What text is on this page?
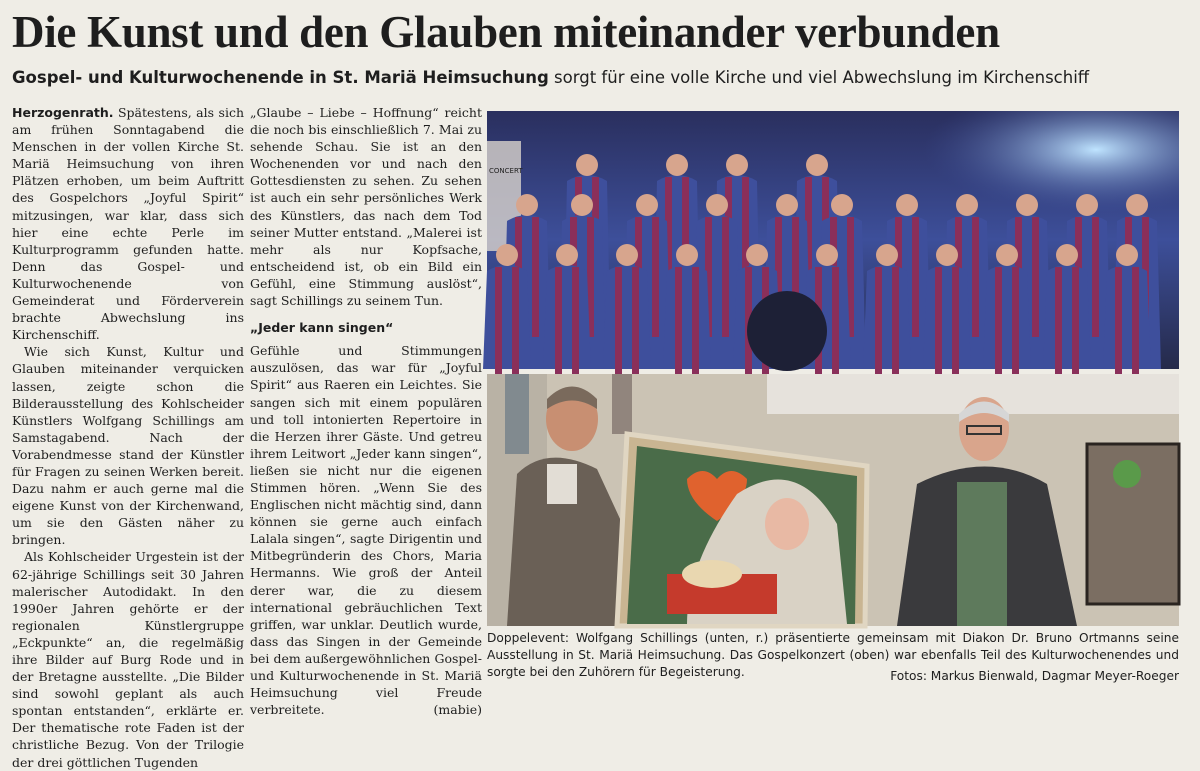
Die Kunst und den Glauben miteinander verbunden
Gospel- und Kulturwochenende in St. Mariä Heimsuchung sorgt für eine volle Kirche und viel Abwechslung im Kirchenschiff

Herzogenrath. Spätestens, als sich am frühen Sonntagabend die Menschen in der vollen Kirche St. Mariä Heimsuchung von ihren Plätzen erhoben, um beim Auftritt des Gospelchors „Joyful Spirit“ mitzusingen, war klar, dass sich hier eine echte Perle im Kulturprogramm gefunden hatte. Denn das Gospel- und Kulturwochenende von Gemeinderat und Förderverein brachte Abwechslung ins Kirchenschiff.

Wie sich Kunst, Kultur und Glauben miteinander verquicken lassen, zeigte schon die Bilderausstellung des Kohlscheider Künstlers Wolfgang Schillings am Samstagabend. Nach der Vorabendmesse stand der Künstler für Fragen zu seinen Werken bereit. Dazu nahm er auch gerne mal die eigene Kunst von der Kirchenwand, um sie den Gästen näher zu bringen.

Als Kohlscheider Urgestein ist der 62-jährige Schillings seit 30 Jahren malerischer Autodidakt. In den 1990er Jahren gehörte er der regionalen Künstlergruppe „Eckpunkte“ an, die regelmäßig ihre Bilder auf Burg Rode und in der Bretagne ausstellte. „Die Bilder sind sowohl geplant als auch spontan entstanden“, erklärte er. Der thematische rote Faden ist der christliche Bezug. Von der Trilogie der drei göttlichen Tugenden

„Glaube – Liebe – Hoffnung“ reicht die noch bis einschließlich 7. Mai zu sehende Schau. Sie ist an den Wochenenden vor und nach den Gottesdiensten zu sehen. Zu sehen ist auch ein sehr persönliches Werk des Künstlers, das nach dem Tod seiner Mutter entstand. „Malerei ist mehr als nur Kopfsache, entscheidend ist, ob ein Bild ein Gefühl, eine Stimmung auslöst“, sagt Schillings zu seinem Tun.

„Jeder kann singen“

Gefühle und Stimmungen auszulösen, das war für „Joyful Spirit“ aus Raeren ein Leichtes. Sie sangen sich mit einem populären und toll intonierten Repertoire in die Herzen ihrer Gäste. Und getreu ihrem Leitwort „Jeder kann singen“, ließen sie nicht nur die eigenen Stimmen hören. „Wenn Sie des Englischen nicht mächtig sind, dann können sie gerne auch einfach Lalala singen“, sagte Dirigentin und Mitbegründerin des Chors, Maria Hermanns. Wie groß der Anteil derer war, die zu diesem international gebräuchlichen Text griffen, war unklar. Deutlich wurde, dass das Singen in der Gemeinde bei dem außergewöhnlichen Gospel- und Kulturwochenende in St. Mariä Heimsuchung viel Freude verbreitete.	(mabie)

CONCERT
Doppelevent: Wolfgang Schillings (unten, r.) präsentierte gemeinsam mit Diakon Dr. Bruno Ortmanns seine Ausstellung in St. Mariä Heimsuchung. Das Gospelkonzert (oben) war ebenfalls Teil des Kulturwochenendes und sorgte bei den Zuhörern für Begeisterung.	Fotos: Markus Bienwald, Dagmar Meyer-Roeger
